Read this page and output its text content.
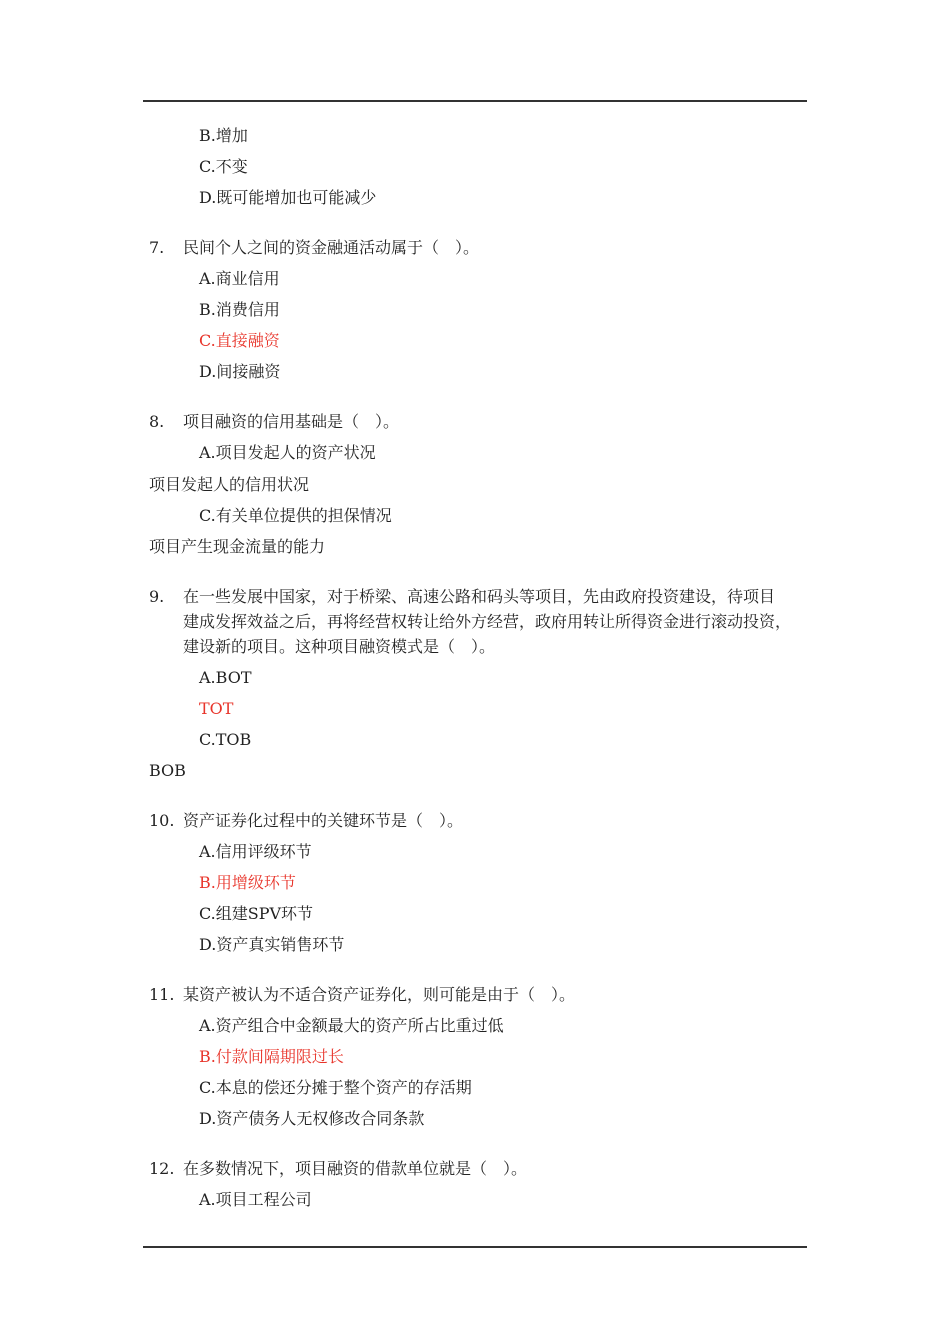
B.增加
C.不变
D.既可能增加也可能减少
7. 民间个人之间的资金融通活动属于（　）。
A.商业信用
B.消费信用
C.直接融资
D.间接融资
8. 项目融资的信用基础是（　）。
A.项目发起人的资产状况
项目发起人的信用状况
C.有关单位提供的担保情况
项目产生现金流量的能力
9. 在一些发展中国家，对于桥梁、高速公路和码头等项目，先由政府投资建设，待项目
建成发挥效益之后，再将经营权转让给外方经营，政府用转让所得资金进行滚动投资，
建设新的项目。这种项目融资模式是（　）。
A.BOT
TOT
C.TOB
BOB
10. 资产证券化过程中的关键环节是（　）。
A.信用评级环节
B.用增级环节
C.组建SPV环节
D.资产真实销售环节
11. 某资产被认为不适合资产证券化，则可能是由于（　）。
A.资产组合中金额最大的资产所占比重过低
B.付款间隔期限过长
C.本息的偿还分摊于整个资产的存活期
D.资产债务人无权修改合同条款
12. 在多数情况下，项目融资的借款单位就是（　）。
A.项目工程公司
